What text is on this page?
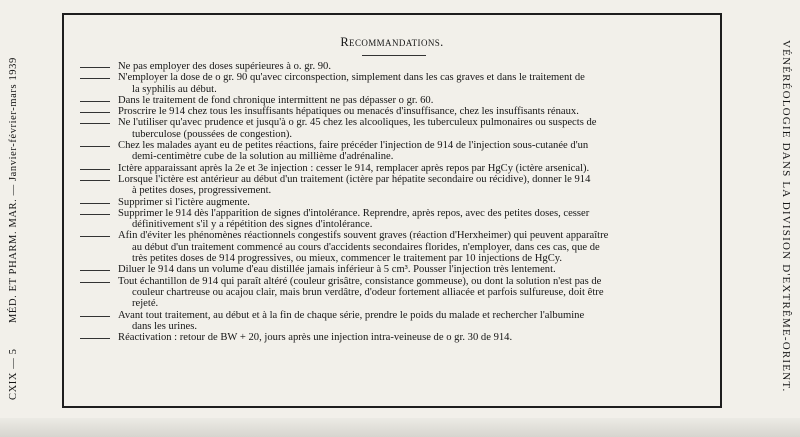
CXIX — 5 MÉD. ET PHARM. MAR. — Janvier-février-mars 1939
Recommandations.
Ne pas employer des doses supérieures à o. gr. 90.
N'employer la dose de o gr. 90 qu'avec circonspection, simplement dans les cas graves et dans le traitement de
la syphilis au début.
Dans le traitement de fond chronique intermittent ne pas dépasser o gr. 60.
Proscrire le 914 chez tous les insuffisants hépatiques ou menacés d'insuffisance, chez les insuffisants rénaux.
Ne l'utiliser qu'avec prudence et jusqu'à o gr. 45 chez les alcooliques, les tuberculeux pulmonaires ou suspects de
tuberculose (poussées de congestion).
Chez les malades ayant eu de petites réactions, faire précéder l'injection de 914 de l'injection sous-cutanée d'un
demi-centimètre cube de la solution au millième d'adrénaline.
Ictère apparaissant après la 2e et 3e injection : cesser le 914, remplacer après repos par HgCy (ictère arsenical).
Lorsque l'ictère est antérieur au début d'un traitement (ictère par hépatite secondaire ou récidive), donner le 914
à petites doses, progressivement.
Supprimer si l'ictère augmente.
Supprimer le 914 dès l'apparition de signes d'intolérance. Reprendre, après repos, avec des petites doses, cesser
définitivement s'il y a répétition des signes d'intolérance.
Afin d'éviter les phénomènes réactionnels congestifs souvent graves (réaction d'Herxheimer) qui peuvent apparaître
au début d'un traitement commencé au cours d'accidents secondaires florides, n'employer, dans ces cas, que de
très petites doses de 914 progressives, ou mieux, commencer le traitement par 10 injections de HgCy.
Diluer le 914 dans un volume d'eau distillée jamais inférieur à 5 cm³. Pousser l'injection très lentement.
Tout échantillon de 914 qui paraît altéré (couleur grisâtre, consistance gommeuse), ou dont la solution n'est pas de
couleur chartreuse ou acajou clair, mais brun verdâtre, d'odeur fortement alliacée et parfois sulfureuse, doit être
rejeté.
Avant tout traitement, au début et à la fin de chaque série, prendre le poids du malade et rechercher l'albumine
dans les urines.
Réactivation : retour de BW + 20, jours après une injection intra-veineuse de o gr. 30 de 914.	VÉNÉRÉOLOGIE DANS LA DIVISION D'EXTRÊME-ORIENT.
